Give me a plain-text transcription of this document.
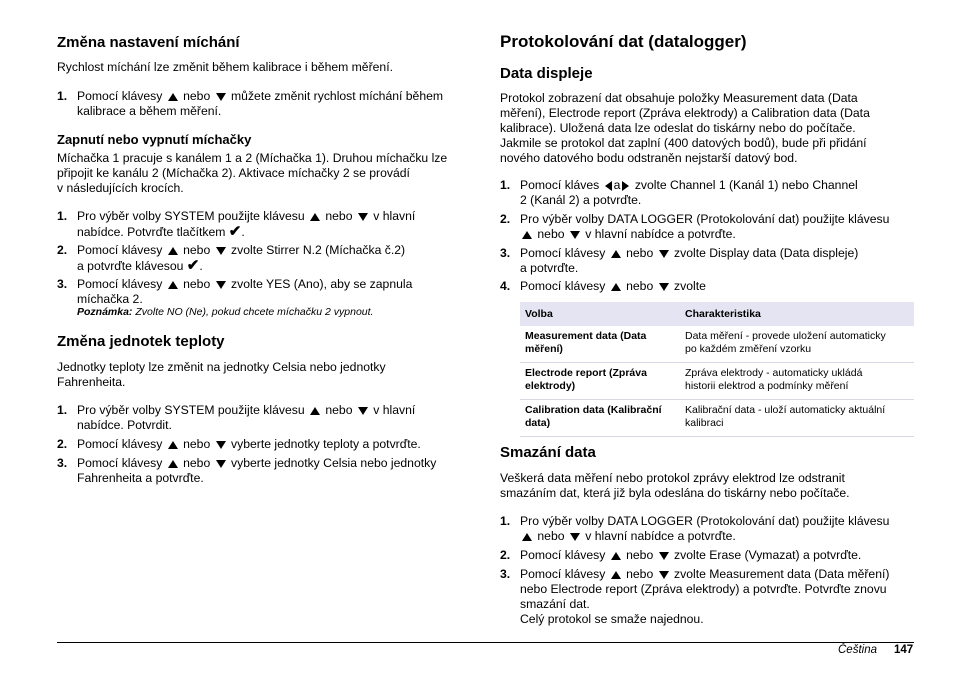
Změna nastavení míchání
Rychlost míchání lze změnit během kalibrace i během měření.
1. Pomocí klávesy nebo můžete změnit rychlost míchání během
kalibrace a během měření.
Zapnutí nebo vypnutí míchačky
Míchačka 1 pracuje s kanálem 1 a 2 (Míchačka 1). Druhou míchačku lze
připojit ke kanálu 2 (Míchačka 2). Aktivace míchačky 2 se provádí
v následujících krocích.
1. Pro výběr volby SYSTEM použijte klávesu nebo v hlavní
nabídce. Potvrďte tlačítkem ✔.
2. Pomocí klávesy nebo zvolte Stirrer N.2 (Míchačka č.2)
a potvrďte klávesou ✔.
3. Pomocí klávesy nebo zvolte YES (Ano), aby se zapnula
míchačka 2.
Poznámka: Zvolte NO (Ne), pokud chcete míchačku 2 vypnout.
Změna jednotek teploty
Jednotky teploty lze změnit na jednotky Celsia nebo jednotky
Fahrenheita.
1. Pro výběr volby SYSTEM použijte klávesu nebo v hlavní
nabídce. Potvrdit.
2. Pomocí klávesy nebo vyberte jednotky teploty a potvrďte.
3. Pomocí klávesy nebo vyberte jednotky Celsia nebo jednotky
Fahrenheita a potvrďte.
Protokolování dat (datalogger)
Data displeje
Protokol zobrazení dat obsahuje položky Measurement data (Data
měření), Electrode report (Zpráva elektrody) a Calibration data (Data
kalibrace). Uložená data lze odeslat do tiskárny nebo do počítače.
Jakmile se protokol dat zaplní (400 datových bodů), bude při přidání
nového datového bodu odstraněn nejstarší datový bod.
1. Pomocí kláves a zvolte Channel 1 (Kanál 1) nebo Channel
2 (Kanál 2) a potvrďte.
2. Pro výběr volby DATA LOGGER (Protokolování dat) použijte klávesu
nebo v hlavní nabídce a potvrďte.
3. Pomocí klávesy nebo zvolte Display data (Data displeje)
a potvrďte.
4. Pomocí klávesy nebo zvolte
Volba	Charakteristika
Measurement data (Data
měření)	Data měření - provede uložení automaticky
po každém změření vzorku
Electrode report (Zpráva
elektrody)	Zpráva elektrody - automaticky ukládá
historii elektrod a podmínky měření
Calibration data (Kalibrační
data)	Kalibrační data - uloží automaticky aktuální
kalibraci
Smazání data
Veškerá data měření nebo protokol zprávy elektrod lze odstranit
smazáním dat, která již byla odeslána do tiskárny nebo počítače.
1. Pro výběr volby DATA LOGGER (Protokolování dat) použijte klávesu
nebo v hlavní nabídce a potvrďte.
2. Pomocí klávesy nebo zvolte Erase (Vymazat) a potvrďte.
3. Pomocí klávesy nebo zvolte Measurement data (Data měření)
nebo Electrode report (Zpráva elektrody) a potvrďte. Potvrďte znovu
smazání dat.
Celý protokol se smaže najednou.
Čeština 147
